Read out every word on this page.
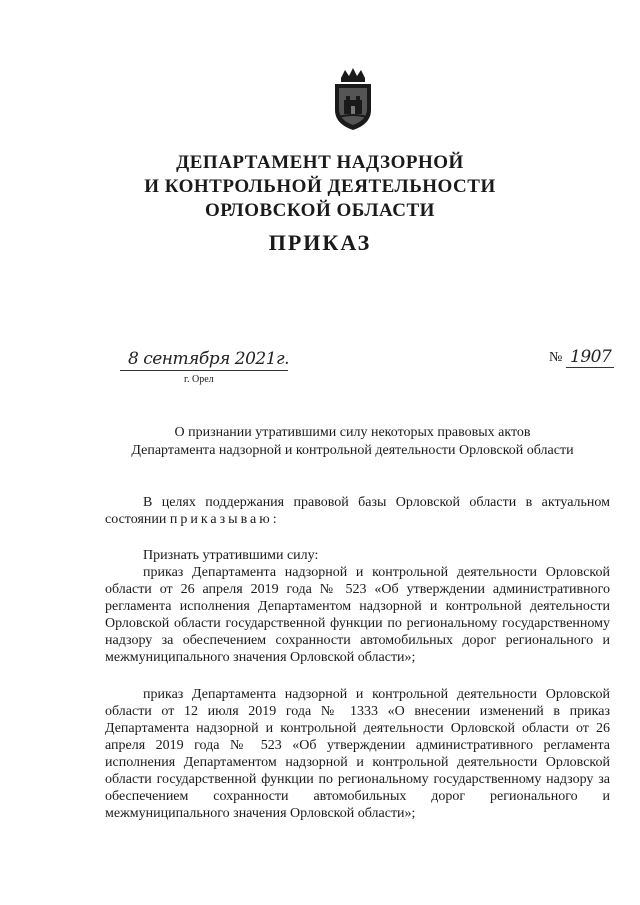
ДЕПАРТАМЕНТ НАДЗОРНОЙ
И КОНТРОЛЬНОЙ ДЕЯТЕЛЬНОСТИ
ОРЛОВСКОЙ ОБЛАСТИ
ПРИКАЗ
8 сентября 2021г.
г. Орел
№ 1907

О признании утратившими силу некоторых правовых актов

Департамента надзорной и контрольной деятельности Орловской области

В целях поддержания правовой базы Орловской области в актуальном состоянии приказываю:

Признать утратившими силу:

приказ Департамента надзорной и контрольной деятельности Орловской области от 26 апреля 2019 года № 523 «Об утверждении административного регламента исполнения Департаментом надзорной и контрольной деятельности Орловской области государственной функции по региональному государственному надзору за обеспечением сохранности автомобильных дорог регионального и межмуниципального значения Орловской области»;

приказ Департамента надзорной и контрольной деятельности Орловской области от 12 июля 2019 года № 1333 «О внесении изменений в приказ Департамента надзорной и контрольной деятельности Орловской области от 26 апреля 2019 года № 523 «Об утверждении административного регламента исполнения Департаментом надзорной и контрольной деятельности Орловской области государственной функции по региональному государственному надзору за обеспечением сохранности автомобильных дорог регионального и межмуниципального значения Орловской области»;
